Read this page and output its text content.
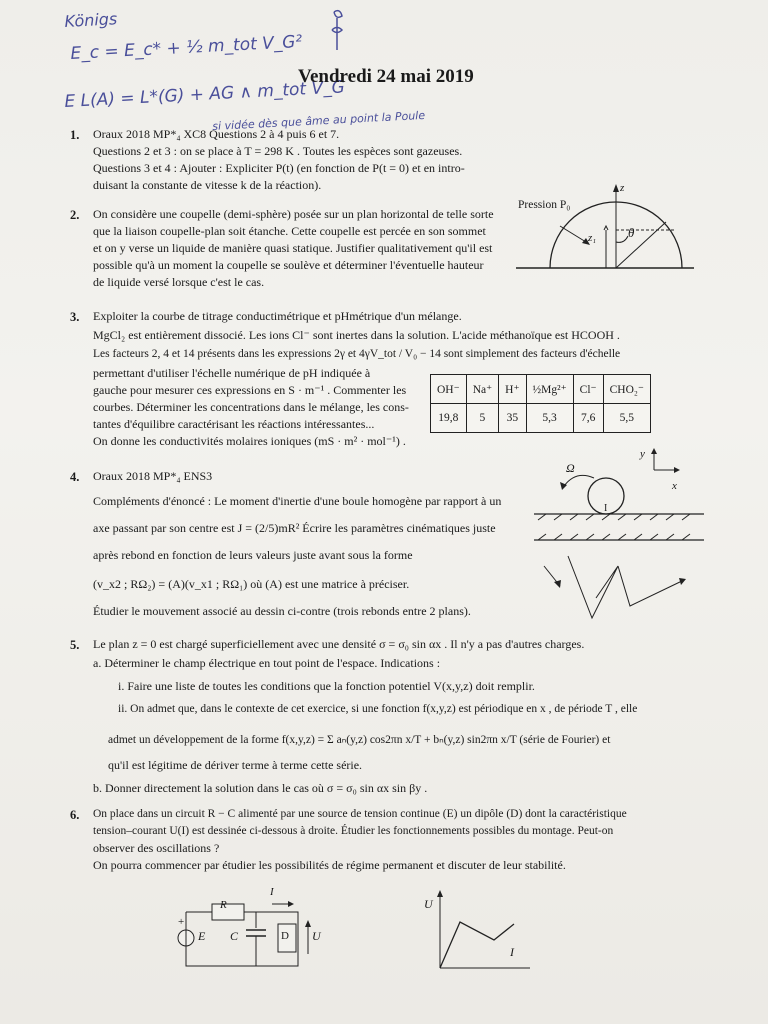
Königs
E_c = E_c* + ½ m_tot V_G²
E L(A) = L*(G) + AG ∧ m_tot V_G
si vidée dès que âme au point la Poule
Vendredi 24 mai 2019
1. Oraux 2018 MP*₄ XC8 Questions 2 à 4 puis 6 et 7.
Questions 2 et 3 : on se place à T = 298 K . Toutes les espèces sont gazeuses.
Questions 3 et 4 : Ajouter : Expliciter P(t) (en fonction de P(t = 0) et en intro-
duisant la constante de vitesse k de la réaction).
2. On considère une coupelle (demi-sphère) posée sur un plan horizontal de telle sorte
que la liaison coupelle-plan soit étanche. Cette coupelle est percée en son sommet
et on y verse un liquide de manière quasi statique. Justifier qualitativement qu'il est
possible qu'à un moment la coupelle se soulève et déterminer l'éventuelle hauteur
de liquide versé lorsque c'est le cas.
Pression P₀
z
z₁ θ
3. Exploiter la courbe de titrage conductimétrique et pHmétrique d'un mélange.
MgCl₂ est entièrement dissocié. Les ions Cl⁻ sont inertes dans la solution. L'acide méthanoïque est HCOOH .
Les facteurs 2, 4 et 14 présents dans les expressions 2γ et 4γV_tot / V₀ − 14 sont simplement des facteurs d'échelle
permettant d'utiliser l'échelle numérique de pH indiquée à
gauche pour mesurer ces expressions en S · m⁻¹ . Commenter les
courbes. Déterminer les concentrations dans le mélange, les cons-
tantes d'équilibre caractérisant les réactions intéressantes...
On donne les conductivités molaires ioniques (mS · m² · mol⁻¹) .
OH⁻	Na⁺	H⁺	½Mg²⁺	Cl⁻	CHO₂⁻
19,8	5	35	5,3	7,6	5,5
4. Oraux 2018 MP*₄ ENS3
Compléments d'énoncé : Le moment d'inertie d'une boule homogène par rapport à un
axe passant par son centre est J = (2/5)mR² Écrire les paramètres cinématiques juste
après rebond en fonction de leurs valeurs juste avant sous la forme
(v_x2 ; RΩ₂) = (A)(v_x1 ; RΩ₁) où (A) est une matrice à préciser.
Étudier le mouvement associé au dessin ci-contre (trois rebonds entre 2 plans).
Ω
y
x
I
5. Le plan z = 0 est chargé superficiellement avec une densité σ = σ₀ sin αx . Il n'y a pas d'autres charges.
a. Déterminer le champ électrique en tout point de l'espace. Indications :
i. Faire une liste de toutes les conditions que la fonction potentiel V(x,y,z) doit remplir.
ii. On admet que, dans le contexte de cet exercice, si une fonction f(x,y,z) est périodique en x , de période T , elle
admet un développement de la forme f(x,y,z) = Σ aₙ(y,z) cos2πn x/T + bₙ(y,z) sin2πn x/T (série de Fourier) et
qu'il est légitime de dériver terme à terme cette série.
b. Donner directement la solution dans le cas où σ = σ₀ sin αx sin βy .
6. On place dans un circuit R − C alimenté par une source de tension continue (E) un dipôle (D) dont la caractéristique
tension–courant U(I) est dessinée ci-dessous à droite. Étudier les fonctionnements possibles du montage. Peut-on
observer des oscillations ?
On pourra commencer par étudier les possibilités de régime permanent et discuter de leur stabilité.
R
E C	D U
I
+
U
I
